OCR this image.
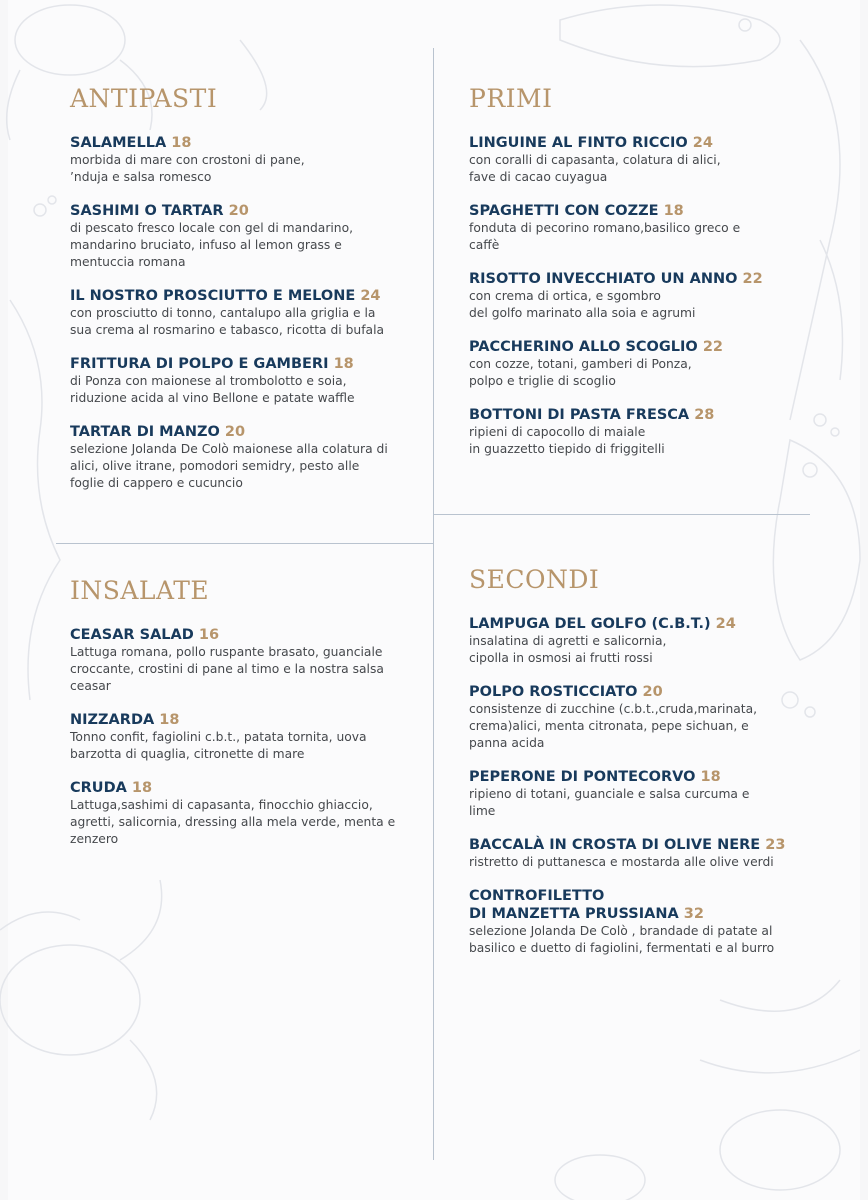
ANTIPASTI
SALAMELLA 18
morbida di mare con crostoni di pane,
’nduja e salsa romesco
SASHIMI O TARTAR 20
di pescato fresco locale con gel di mandarino,
mandarino bruciato, infuso al lemon grass e
mentuccia romana
IL NOSTRO PROSCIUTTO E MELONE 24
con prosciutto di tonno, cantalupo alla griglia e la
sua crema al rosmarino e tabasco, ricotta di bufala
FRITTURA DI POLPO E GAMBERI 18
di Ponza con maionese al trombolotto e soia,
riduzione acida al vino Bellone e patate waffle
TARTAR DI MANZO 20
selezione Jolanda De Colò maionese alla colatura di
alici, olive itrane, pomodori semidry, pesto alle
foglie di cappero e cucuncio
PRIMI
LINGUINE AL FINTO RICCIO 24
con coralli di capasanta, colatura di alici,
fave di cacao cuyagua
SPAGHETTI CON COZZE 18
fonduta di pecorino romano,basilico greco e
caffè
RISOTTO INVECCHIATO UN ANNO 22
con crema di ortica, e sgombro
del golfo marinato alla soia e agrumi
PACCHERINO ALLO SCOGLIO 22
con cozze, totani, gamberi di Ponza,
polpo e triglie di scoglio
BOTTONI DI PASTA FRESCA 28
ripieni di capocollo di maiale
in guazzetto tiepido di friggitelli
INSALATE
CEASAR SALAD 16
Lattuga romana, pollo ruspante brasato, guanciale
croccante, crostini di pane al timo e la nostra salsa
ceasar
NIZZARDA 18
Tonno confit, fagiolini c.b.t., patata tornita, uova
barzotta di quaglia, citronette di mare
CRUDA 18
Lattuga,sashimi di capasanta, finocchio ghiaccio,
agretti, salicornia, dressing alla mela verde, menta e
zenzero
SECONDI
LAMPUGA DEL GOLFO (C.B.T.) 24
insalatina di agretti e salicornia,
cipolla in osmosi ai frutti rossi
POLPO ROSTICCIATO 20
consistenze di zucchine (c.b.t.,cruda,marinata,
crema)alici, menta citronata, pepe sichuan, e
panna acida
PEPERONE DI PONTECORVO 18
ripieno di totani, guanciale e salsa curcuma e
lime
BACCALÀ IN CROSTA DI OLIVE NERE 23
ristretto di puttanesca e mostarda alle olive verdi
CONTROFILETTO
DI MANZETTA PRUSSIANA 32
selezione Jolanda De Colò , brandade di patate al
basilico e duetto di fagiolini, fermentati e al burro
